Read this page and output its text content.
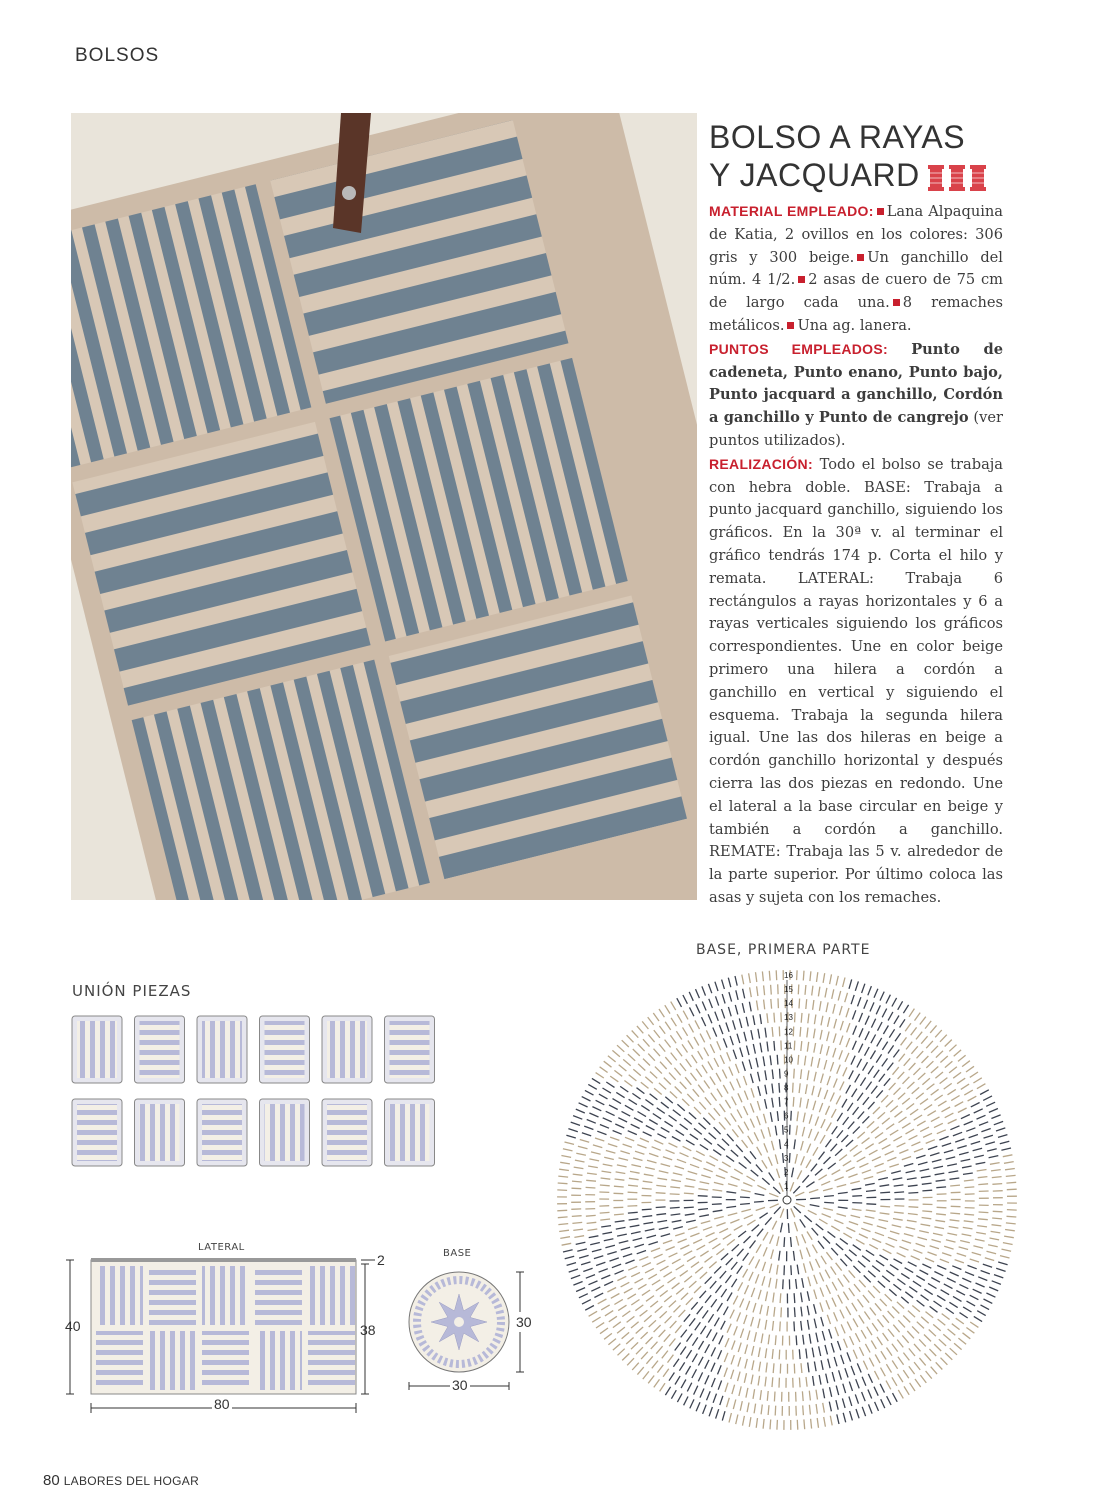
BOLSOS
BOLSO A RAYAS
Y JACQUARD

MATERIAL EMPLEADO: Lana Alpaquina de Katia, 2 ovillos en los colores: 306 gris y 300 beige. Un ganchillo del núm. 4 1/2. 2 asas de cuero de 75 cm de largo cada una. 8 remaches metálicos. Una ag. lanera.

PUNTOS EMPLEADOS: Punto de cadeneta, Punto enano, Punto bajo, Punto jacquard a ganchillo, Cordón a ganchillo y Punto de cangrejo (ver puntos utilizados).

REALIZACIÓN: Todo el bolso se trabaja con hebra doble. BASE: Trabaja a punto jacquard ganchillo, siguiendo los gráficos. En la 30ª v. al terminar el gráfico tendrás 174 p. Corta el hilo y remata. LATERAL: Trabaja 6 rectángulos a rayas horizontales y 6 a rayas verticales siguiendo los gráficos correspondientes. Une en color beige primero una hilera a cordón a ganchillo en vertical y siguiendo el esquema. Trabaja la segunda hilera igual. Une las dos hileras en beige a cordón ganchillo horizontal y después cierra las dos piezas en redondo. Une el lateral a la base circular en beige y también a cordón a ganchillo. REMATE: Trabaja las 5 v. alrededor de la parte superior. Por último coloca las asas y sujeta con los remaches.

UNIÓN PIEZAS
BASE, PRIMERA PARTE
LATERAL
BASE
1
2
3
4
5
6
7
8
9
10
11
12
13
14
15
16
40	38
2
80
30
30
80 LABORES DEL HOGAR
